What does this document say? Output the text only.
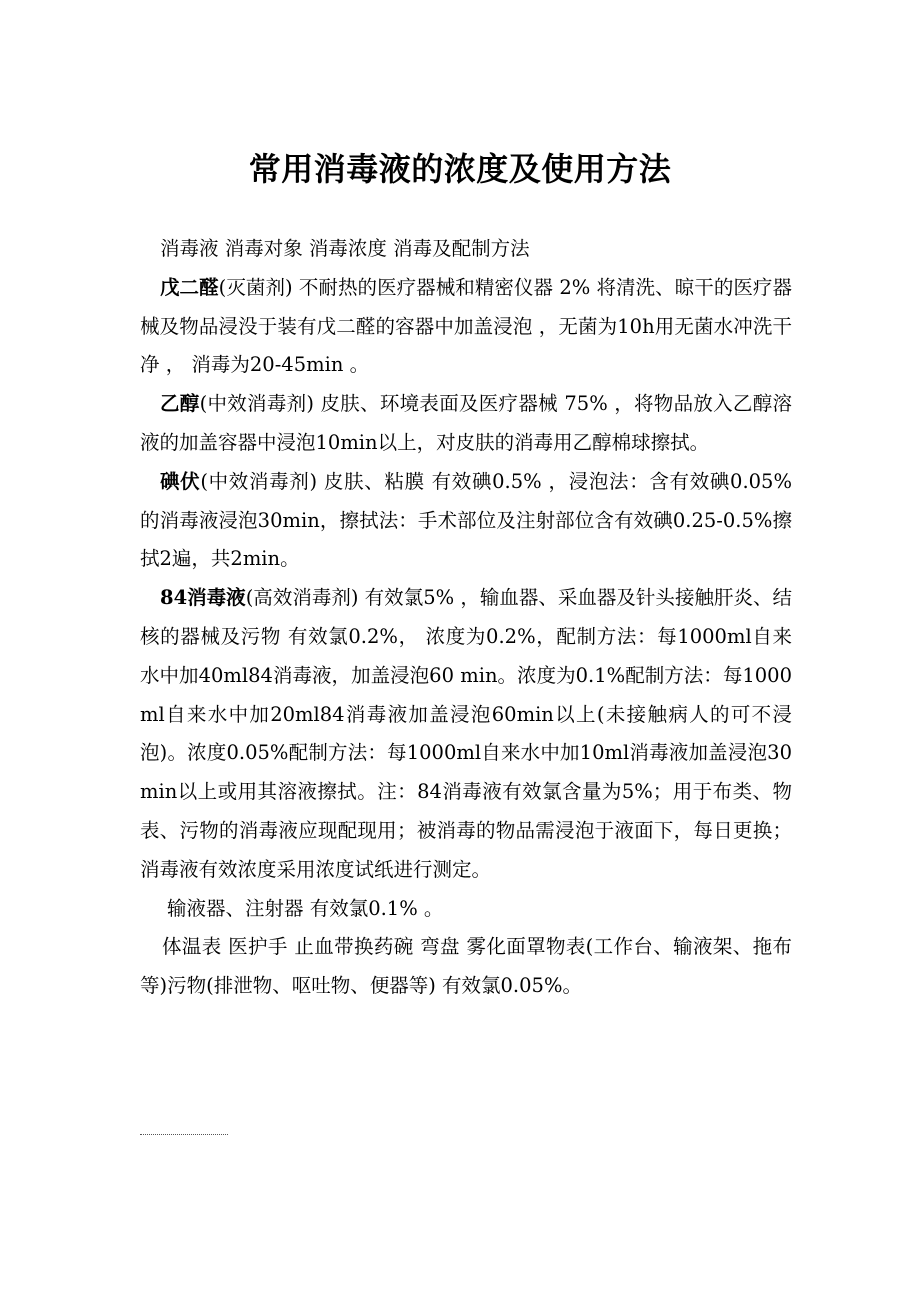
常用消毒液的浓度及使用方法

消毒液 消毒对象 消毒浓度 消毒及配制方法

戊二醛(灭菌剂) 不耐热的医疗器械和精密仪器 2% 将清洗、晾干的医疗器械及物品浸没于装有戊二醛的容器中加盖浸泡 ，无菌为10h用无菌水冲洗干净 ， 消毒为20-45min 。

乙醇(中效消毒剂) 皮肤、环境表面及医疗器械 75% ，将物品放入乙醇溶液的加盖容器中浸泡10min以上，对皮肤的消毒用乙醇棉球擦拭。

碘伏(中效消毒剂) 皮肤、粘膜 有效碘0.5% ，浸泡法：含有效碘0.05%的消毒液浸泡30min，擦拭法：手术部位及注射部位含有效碘0.25-0.5%擦拭2遍，共2min。

84消毒液(高效消毒剂) 有效氯5% ，输血器、采血器及针头接触肝炎、结核的器械及污物 有效氯0.2%， 浓度为0.2%，配制方法：每1000ml自来水中加40ml84消毒液，加盖浸泡60 min。浓度为0.1%配制方法：每1000ml自来水中加20ml84消毒液加盖浸泡60min以上(未接触病人的可不浸泡)。浓度0.05%配制方法：每1000ml自来水中加10ml消毒液加盖浸泡30min以上或用其溶液擦拭。注：84消毒液有效氯含量为5%；用于布类、物表、污物的消毒液应现配现用；被消毒的物品需浸泡于液面下，每日更换；消毒液有效浓度采用浓度试纸进行测定。

输液器、注射器 有效氯0.1% 。

体温表 医护手 止血带换药碗 弯盘 雾化面罩物表(工作台、输液架、拖布等)污物(排泄物、呕吐物、便器等) 有效氯0.05%。
